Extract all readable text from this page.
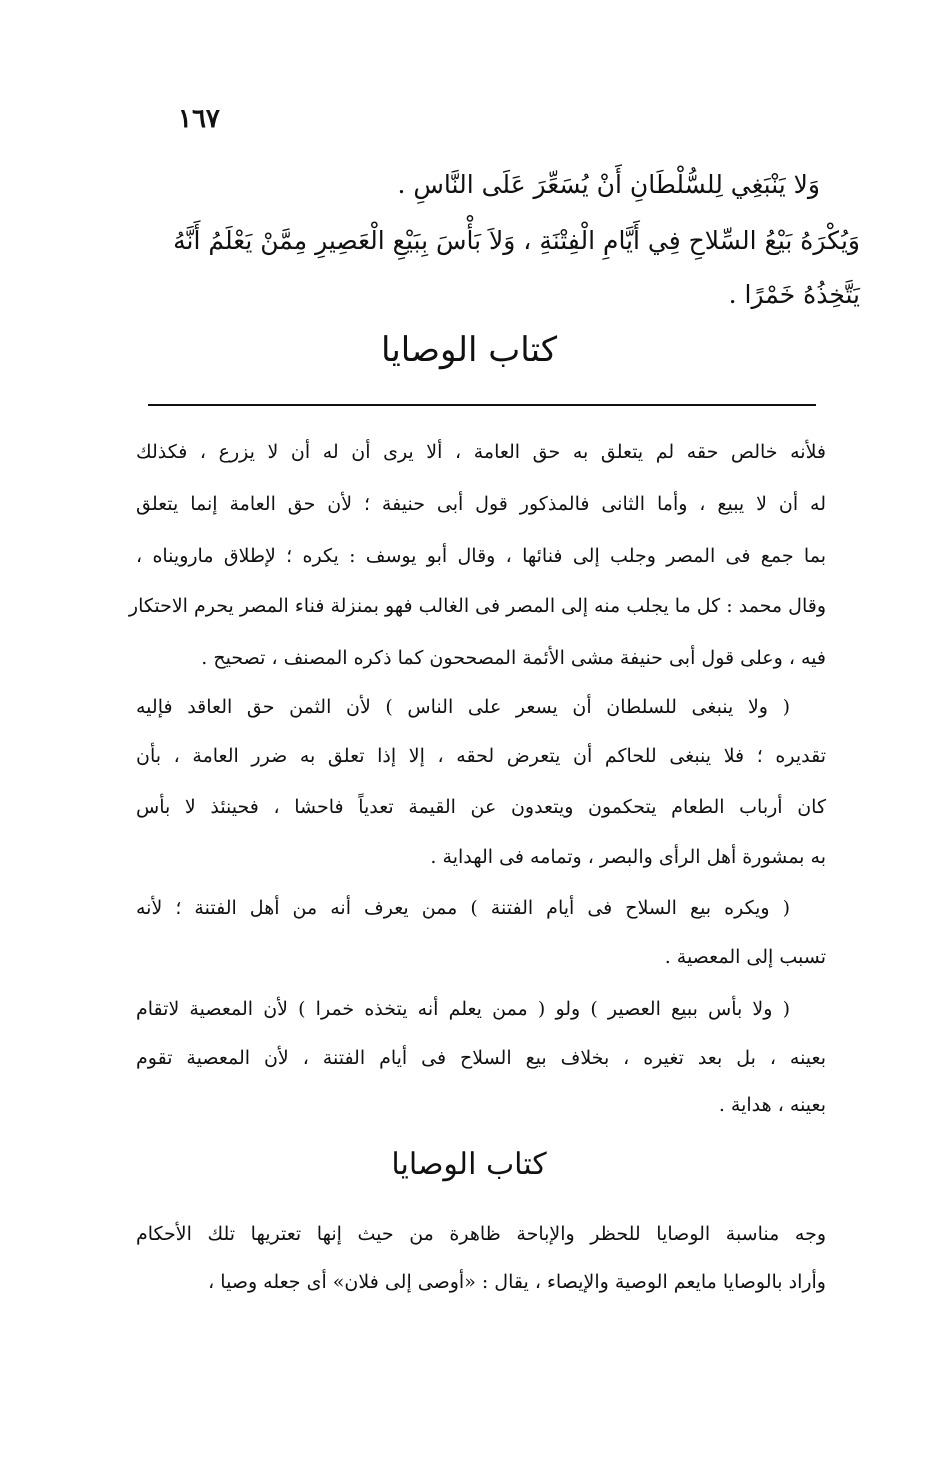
١٦٧
وَلا يَنْبَغِي لِلسُّلْطَانِ أَنْ يُسَعِّرَ عَلَى النَّاسِ .
وَيُكْرَهُ بَيْعُ السِّلاحِ فِي أَيَّامِ الْفِتْنَةِ ، وَلاَ بَأْسَ بِبَيْعِ الْعَصِيرِ مِمَّنْ يَعْلَمُ أَنَّهُ
يَتَّخِذُهُ خَمْرًا .
كتاب الوصايا
فلأنه خالص حقه لم يتعلق به حق العامة ، ألا يرى أن له أن لا يزرع ، فكذلك
له أن لا يبيع ، وأما الثانى فالمذكور قول أبى حنيفة ؛ لأن حق العامة إنما يتعلق
بما جمع فى المصر وجلب إلى فنائها ، وقال أبو يوسف : يكره ؛ لإطلاق مارويناه ،
وقال محمد : كل ما يجلب منه إلى المصر فى الغالب فهو بمنزلة فناء المصر يحرم الاحتكار
فيه ، وعلى قول أبى حنيفة مشى الأئمة المصححون كما ذكره المصنف ، تصحيح .
( ولا ينبغى للسلطان أن يسعر على الناس ) لأن الثمن حق العاقد فإليه
تقديره ؛ فلا ينبغى للحاكم أن يتعرض لحقه ، إلا إذا تعلق به ضرر العامة ، بأن
كان أرباب الطعام يتحكمون ويتعدون عن القيمة تعدياً فاحشا ، فحينئذ لا بأس
به بمشورة أهل الرأى والبصر ، وتمامه فى الهداية .
( ويكره بيع السلاح فى أيام الفتنة ) ممن يعرف أنه من أهل الفتنة ؛ لأنه
تسبب إلى المعصية .
( ولا بأس ببيع العصير ) ولو ( ممن يعلم أنه يتخذه خمرا ) لأن المعصية لاتقام
بعينه ، بل بعد تغيره ، بخلاف بيع السلاح فى أيام الفتنة ، لأن المعصية تقوم
بعينه ، هداية .
كتاب الوصايا
وجه مناسبة الوصايا للحظر والإباحة ظاهرة من حيث إنها تعتريها تلك الأحكام
وأراد بالوصايا مايعم الوصية والإيصاء ، يقال : «أوصى إلى فلان» أى جعله وصيا ،
